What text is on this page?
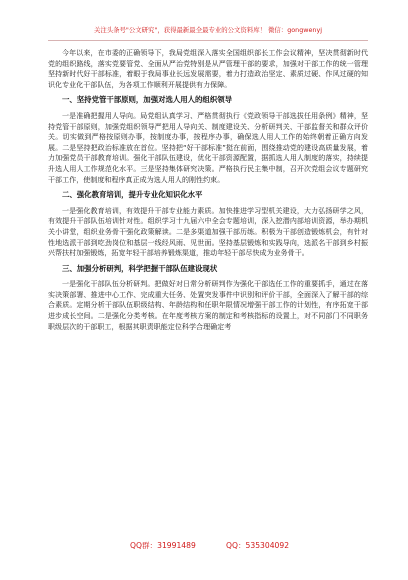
关注头条号"公文研究"，获得最新最全最专业的公文资料库！ 微信：gongwenyj

今年以来，在市委的正确领导下，我局党组深入落实全国组织部长工作会议精神，坚决贯彻新时代党的组织路线，落实党要管党、全面从严治党特别是从严管理干部的要求，加强对干部工作的统一管理坚持新时代好干部标准，着眼于我局事业长远发展需要，着力打造政治坚定、素质过硬、作风过硬的知识化专业化干部队伍，为各项工作顺利开展提供有力保障。

一、坚持党管干部原则，加强对选人用人的组织领导

一是准确把握用人导向。局党组认真学习、严格贯彻执行《党政领导干部选拔任用条例》精神，坚持党管干部原则，加强党组织领导严把用人导向关、制度建设关、分析研判关、干部监督关和群众评价关。切实做到严格按原则办事，按制度办事，按程序办事，确保选人用人工作的始终朝着正确方向发展。二是坚持把政治标准放在首位。坚持把“好干部标准”挺在前面，围绕推动党的建设高质量发展，着力加强党员干部教育培训。强化干部队伍建设，优化干部资源配置，据抓选人用人制度的落实，持续提升选人用人工作规范化水平。三是坚持集体研究决策。严格执行民主集中制，召开次党组会议专题研究干部工作，使制度和程序真正成为选人用人的刚性约束。

二、强化教育培训，提升专业化知识化水平

一是强化教育培训，有效提升干部专业能力素质。加快推进学习型机关建设，大力弘扬研学之风，有效提升干部队伍培训针对性。组织学习十九届六中全会专题培训，深入挖潜内部培训资源，举办期机关小讲堂，组织业务骨干强化政策解读。二是多渠道加强干部历练。积极为干部创造锻炼机会，有针对性地选派干部到吃劲岗位和基层一线经风雨、见世面。坚持基层锻炼和实践导向，选派名干部到乡村振兴帮扶村加强锻炼，拓宽年轻干部培养锻炼渠道，推动年轻干部尽快成为业务骨干。

三、加强分析研判，科学把握干部队伍建设现状

一是强化干部队伍分析研判。把做好对日常分析研判作为强化干部选任工作的重要抓手，通过在落实决策部署、推进中心工作、完成重大任务、处置突发事件中识别和评价干部，全面深入了解干部的综合素质。定期分析干部队伍职级结构、年龄结构和任职年限情况增强干部工作的计划性，有序拓宽干部进步成长空间。二是强化分类考核。在年度考核方案的制定和考核指标的设置上，对不同部门不同职务职级层次的干部职工，根据其职责职能定位科学合理确定考

QQ群：31991489	QQ：535304092
